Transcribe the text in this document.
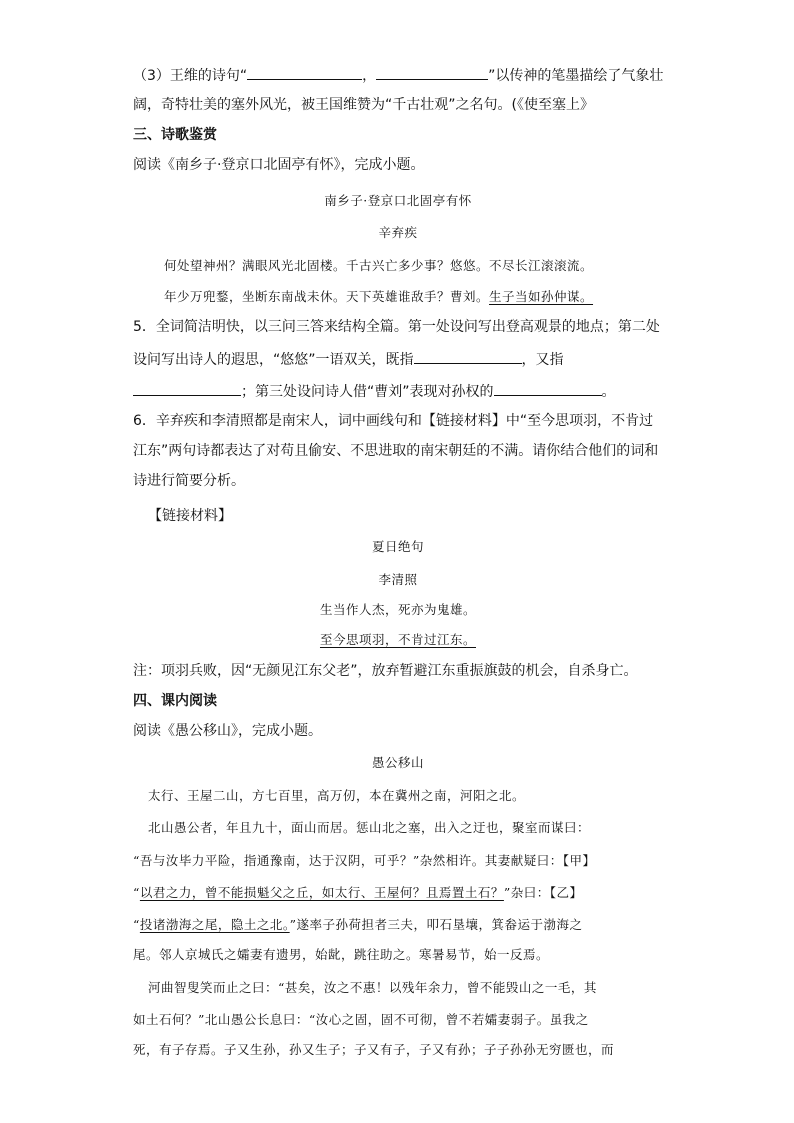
（3）王维的诗句“	，	”以传神的笔墨描绘了气象壮
阔，奇特壮美的塞外风光，被王国维赞为“千古壮观”之名句。(《使至塞上》
三、诗歌鉴赏
阅读《南乡子·登京口北固亭有怀》，完成小题。
南乡子·登京口北固亭有怀
辛弃疾
何处望神州？满眼风光北固楼。千古兴亡多少事？悠悠。不尽长江滚滚流。
年少万兜鍪，坐断东南战未休。天下英雄谁敌手？曹刘。生子当如孙仲谋。
5．全词简洁明快，以三问三答来结构全篇。第一处设问写出登高观景的地点；第二处
设问写出诗人的遐思，“悠悠”一语双关，既指	，又指
；第三处设问诗人借“曹刘”表现对孙权的	。
6．辛弃疾和李清照都是南宋人，词中画线句和【链接材料】中“至今思项羽，不肯过
江东”两句诗都表达了对苟且偷安、不思进取的南宋朝廷的不满。请你结合他们的词和
诗进行简要分析。
【链接材料】
夏日绝句
李清照
生当作人杰，死亦为鬼雄。
至今思项羽，不肯过江东。
注：项羽兵败，因“无颜见江东父老”，放弃暂避江东重振旗鼓的机会，自杀身亡。
四、课内阅读
阅读《愚公移山》，完成小题。
愚公移山
太行、王屋二山，方七百里，高万仞，本在冀州之南，河阳之北。
北山愚公者，年且九十，面山而居。惩山北之塞，出入之迂也，聚室而谋曰：
“吾与汝毕力平险，指通豫南，达于汉阴，可乎？”杂然相许。其妻献疑曰：【甲】
“以君之力，曾不能损魁父之丘，如太行、王屋何？且焉置土石？”杂曰：【乙】
“投诸渤海之尾，隐土之北。”遂率子孙荷担者三夫，叩石垦壤，箕畚运于渤海之
尾。邻人京城氏之孀妻有遗男，始龀，跳往助之。寒暑易节，始一反焉。
河曲智叟笑而止之曰：“甚矣，汝之不惠！以残年余力，曾不能毁山之一毛，其
如土石何？”北山愚公长息曰：“汝心之固，固不可彻，曾不若孀妻弱子。虽我之
死，有子存焉。子又生孙，孙又生子；子又有子，子又有孙；子子孙孙无穷匮也，而
